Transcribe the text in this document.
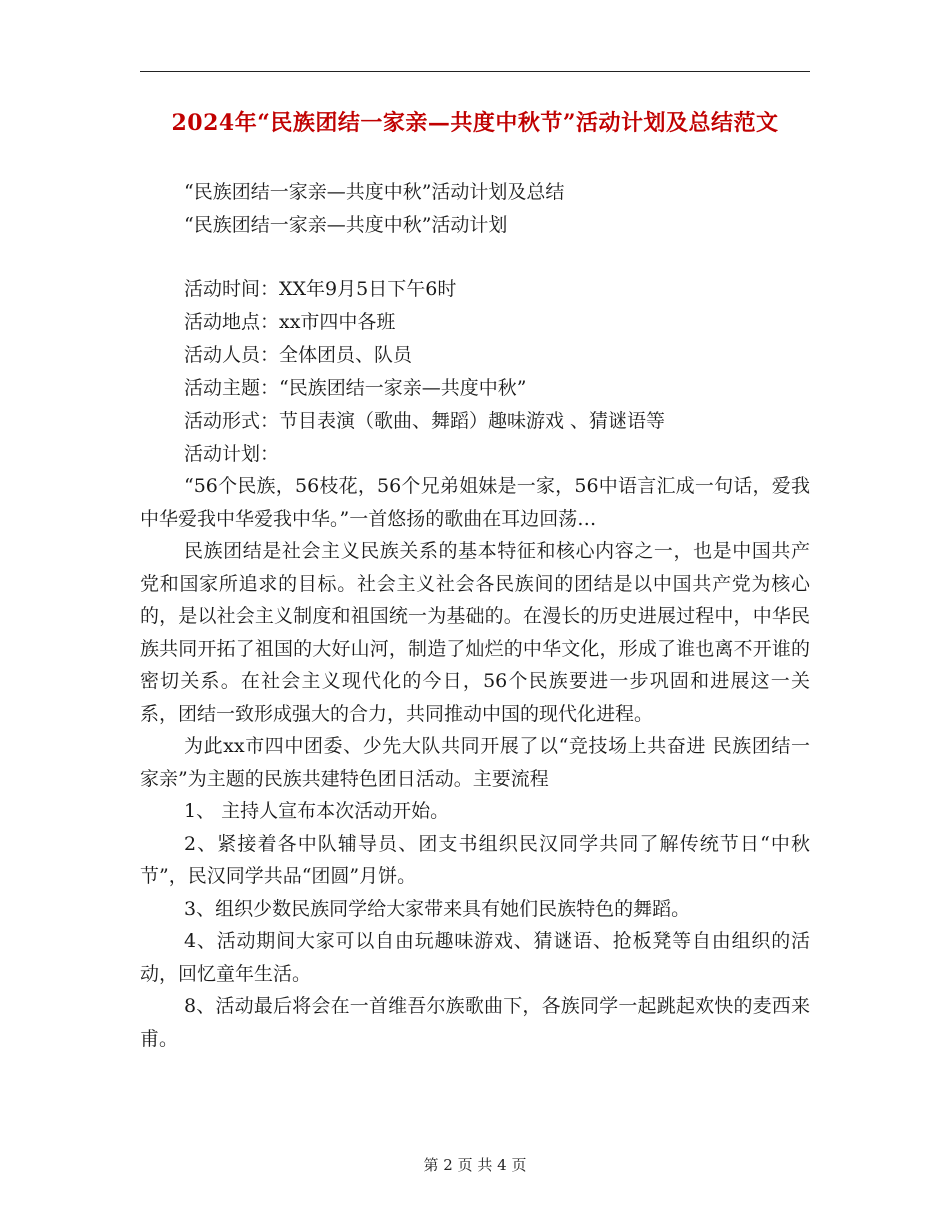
2024年“民族团结一家亲—共度中秋节”活动计划及总结范文
“民族团结一家亲—共度中秋”活动计划及总结
“民族团结一家亲—共度中秋”活动计划
活动时间：XX年9月5日下午6时
活动地点：xx市四中各班
活动人员：全体团员、队员
活动主题：“民族团结一家亲—共度中秋”
活动形式：节目表演（歌曲、舞蹈）趣味游戏 、猜谜语等
活动计划：

“56个民族，56枝花，56个兄弟姐妹是一家，56中语言汇成一句话，爱我中华爱我中华爱我中华。”一首悠扬的歌曲在耳边回荡…

民族团结是社会主义民族关系的基本特征和核心内容之一，也是中国共产党和国家所追求的目标。社会主义社会各民族间的团结是以中国共产党为核心的，是以社会主义制度和祖国统一为基础的。在漫长的历史进展过程中，中华民族共同开拓了祖国的大好山河，制造了灿烂的中华文化，形成了谁也离不开谁的密切关系。在社会主义现代化的今日，56个民族要进一步巩固和进展这一关系，团结一致形成强大的合力，共同推动中国的现代化进程。

为此xx市四中团委、少先大队共同开展了以“竞技场上共奋进 民族团结一家亲”为主题的民族共建特色团日活动。主要流程

1、 主持人宣布本次活动开始。

2、紧接着各中队辅导员、团支书组织民汉同学共同了解传统节日“中秋节”，民汉同学共品“团圆”月饼。

3、组织少数民族同学给大家带来具有她们民族特色的舞蹈。

4、活动期间大家可以自由玩趣味游戏、猜谜语、抢板凳等自由组织的活动，回忆童年生活。

8、活动最后将会在一首维吾尔族歌曲下，各族同学一起跳起欢快的麦西来甫。

第 2 页 共 4 页
